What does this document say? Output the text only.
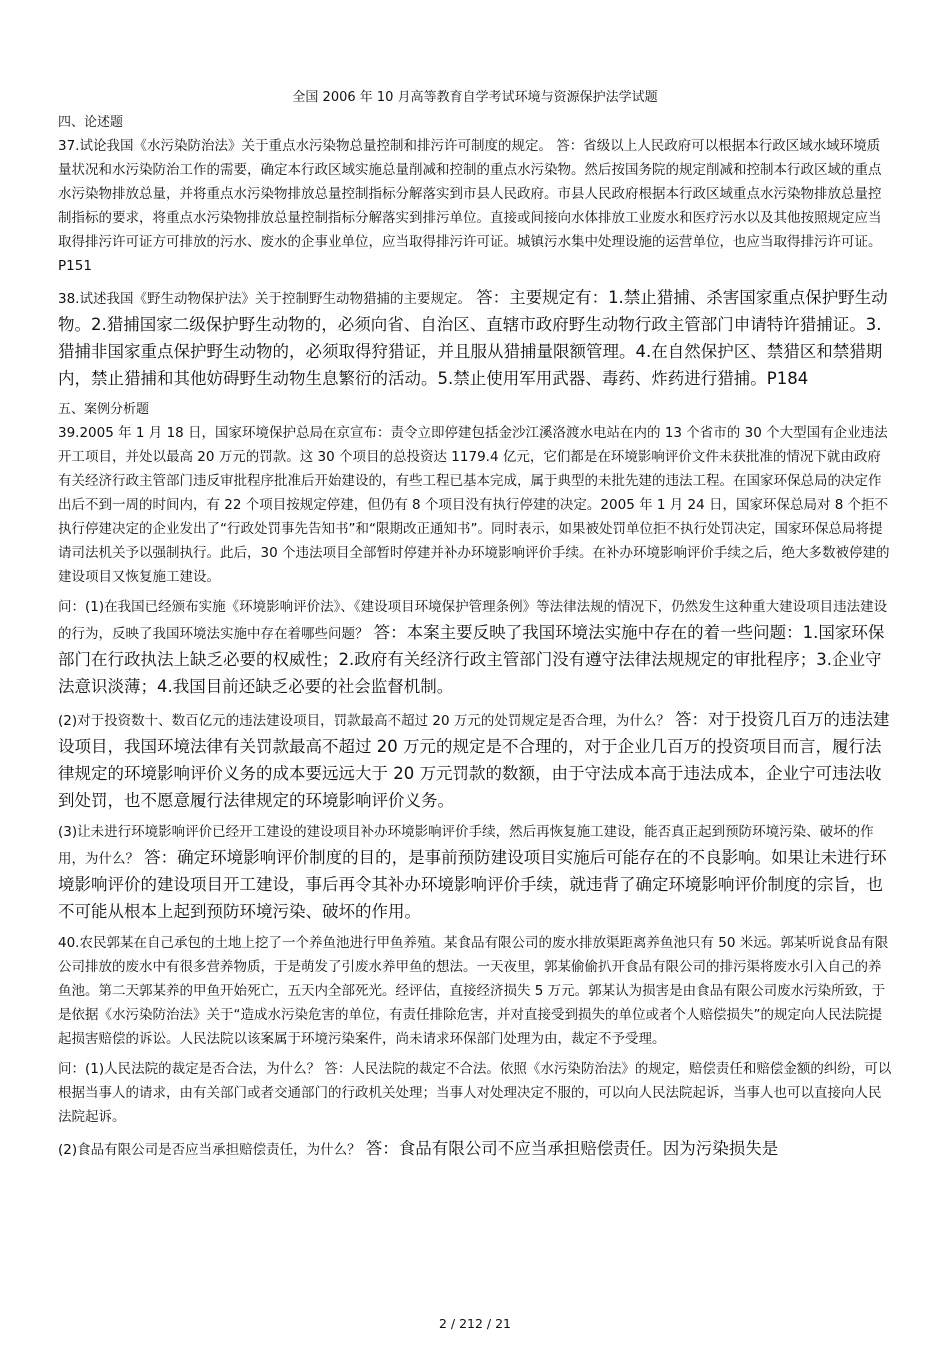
全国 2006 年 10 月高等教育自学考试环境与资源保护法学试题
四、论述题
37.试论我国《水污染防治法》关于重点水污染物总量控制和排污许可制度的规定。 答：省级以上人民政府可以根据本行政区域水域环境质量状况和水污染防治工作的需要，确定本行政区域实施总量削减和控制的重点水污染物。然后按国务院的规定削减和控制本行政区域的重点水污染物排放总量，并将重点水污染物排放总量控制指标分解落实到市县人民政府。市县人民政府根据本行政区域重点水污染物排放总量控制指标的要求，将重点水污染物排放总量控制指标分解落实到排污单位。直接或间接向水体排放工业废水和医疗污水以及其他按照规定应当取得排污许可证方可排放的污水、废水的企事业单位，应当取得排污许可证。城镇污水集中处理设施的运营单位，也应当取得排污许可证。P151
38.试述我国《野生动物保护法》关于控制野生动物猎捕的主要规定。 答：主要规定有：1.禁止猎捕、杀害国家重点保护野生动物。2.猎捕国家二级保护野生动物的，必须向省、自治区、直辖市政府野生动物行政主管部门申请特许猎捕证。3.猎捕非国家重点保护野生动物的，必须取得狩猎证，并且服从猎捕量限额管理。4.在自然保护区、禁猎区和禁猎期内，禁止猎捕和其他妨碍野生动物生息繁衍的活动。5.禁止使用军用武器、毒药、炸药进行猎捕。P184
五、案例分析题
39.2005 年 1 月 18 日，国家环境保护总局在京宣布：责令立即停建包括金沙江溪洛渡水电站在内的 13 个省市的 30 个大型国有企业违法开工项目，并处以最高 20 万元的罚款。这 30 个项目的总投资达 1179.4 亿元，它们都是在环境影响评价文件未获批准的情况下就由政府有关经济行政主管部门违反审批程序批准后开始建设的，有些工程已基本完成，属于典型的未批先建的违法工程。在国家环保总局的决定作出后不到一周的时间内，有 22 个项目按规定停建，但仍有 8 个项目没有执行停建的决定。2005 年 1 月 24 日，国家环保总局对 8 个拒不执行停建决定的企业发出了“行政处罚事先告知书”和“限期改正通知书”。同时表示，如果被处罚单位拒不执行处罚决定，国家环保总局将提请司法机关予以强制执行。此后，30 个违法项目全部暂时停建并补办环境影响评价手续。在补办环境影响评价手续之后，绝大多数被停建的建设项目又恢复施工建设。
问：(1)在我国已经颁布实施《环境影响评价法》、《建设项目环境保护管理条例》等法律法规的情况下，仍然发生这种重大建设项目违法建设的行为，反映了我国环境法实施中存在着哪些问题？ 答：本案主要反映了我国环境法实施中存在的着一些问题：1.国家环保部门在行政执法上缺乏必要的权威性；2.政府有关经济行政主管部门没有遵守法律法规规定的审批程序；3.企业守法意识淡薄；4.我国目前还缺乏必要的社会监督机制。
(2)对于投资数十、数百亿元的违法建设项目，罚款最高不超过 20 万元的处罚规定是否合理，为什么？ 答：对于投资几百万的违法建设项目，我国环境法律有关罚款最高不超过 20 万元的规定是不合理的，对于企业几百万的投资项目而言，履行法律规定的环境影响评价义务的成本要远远大于 20 万元罚款的数额，由于守法成本高于违法成本，企业宁可违法收到处罚，也不愿意履行法律规定的环境影响评价义务。
(3)让未进行环境影响评价已经开工建设的建设项目补办环境影响评价手续，然后再恢复施工建设，能否真正起到预防环境污染、破坏的作用，为什么？ 答：确定环境影响评价制度的目的，是事前预防建设项目实施后可能存在的不良影响。如果让未进行环境影响评价的建设项目开工建设，事后再令其补办环境影响评价手续，就违背了确定环境影响评价制度的宗旨，也不可能从根本上起到预防环境污染、破坏的作用。
40.农民郭某在自己承包的土地上挖了一个养鱼池进行甲鱼养殖。某食品有限公司的废水排放渠距离养鱼池只有 50 米远。郭某听说食品有限公司排放的废水中有很多营养物质，于是萌发了引废水养甲鱼的想法。一天夜里，郭某偷偷扒开食品有限公司的排污渠将废水引入自己的养鱼池。第二天郭某养的甲鱼开始死亡，五天内全部死光。经评估，直接经济损失 5 万元。郭某认为损害是由食品有限公司废水污染所致，于是依据《水污染防治法》关于“造成水污染危害的单位，有责任排除危害，并对直接受到损失的单位或者个人赔偿损失”的规定向人民法院提起损害赔偿的诉讼。人民法院以该案属于环境污染案件，尚未请求环保部门处理为由，裁定不予受理。
问：(1)人民法院的裁定是否合法，为什么？ 答：人民法院的裁定不合法。依照《水污染防治法》的规定，赔偿责任和赔偿金额的纠纷，可以根据当事人的请求，由有关部门或者交通部门的行政机关处理；当事人对处理决定不服的，可以向人民法院起诉，当事人也可以直接向人民法院起诉。
(2)食品有限公司是否应当承担赔偿责任，为什么？ 答：食品有限公司不应当承担赔偿责任。因为污染损失是
2 / 212 / 21
